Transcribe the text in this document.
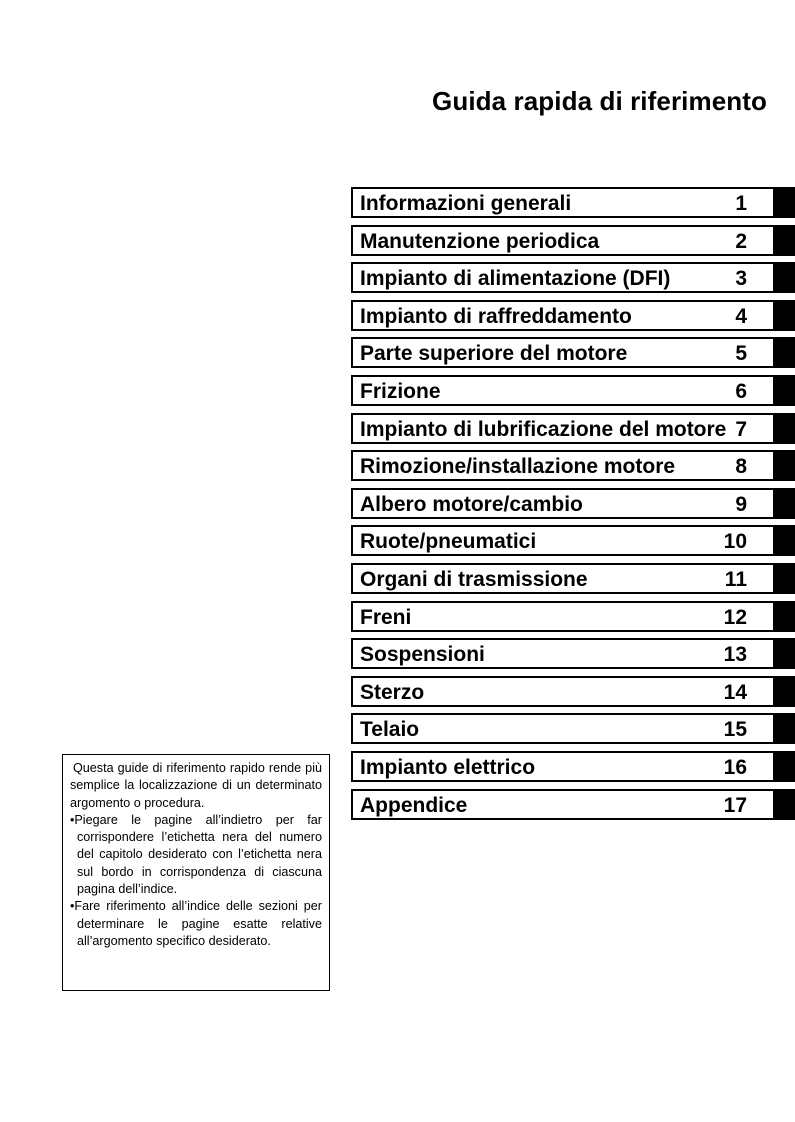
Guida rapida di riferimento
Informazioni generali	1
Manutenzione periodica	2
Impianto di alimentazione (DFI)	3
Impianto di raffreddamento	4
Parte superiore del motore	5
Frizione	6
Impianto di lubrificazione del motore 7
Rimozione/installazione motore	8
Albero motore/cambio	9
Ruote/pneumatici	10
Organi di trasmissione	11
Freni	12
Sospensioni	13
Sterzo	14
Telaio	15
Impianto elettrico	16
Appendice	17

Questa guide di riferimento rapido rende più semplice la localizzazione di un determinato argomento o procedura.

•Piegare le pagine all’indietro per far corrispondere l’etichetta nera del numero del capitolo desiderato con l’etichetta nera sul bordo in corrispondenza di ciascuna pagina dell’indice.

•Fare riferimento all’indice delle sezioni per determinare le pagine esatte relative all’argomento specifico desiderato.
